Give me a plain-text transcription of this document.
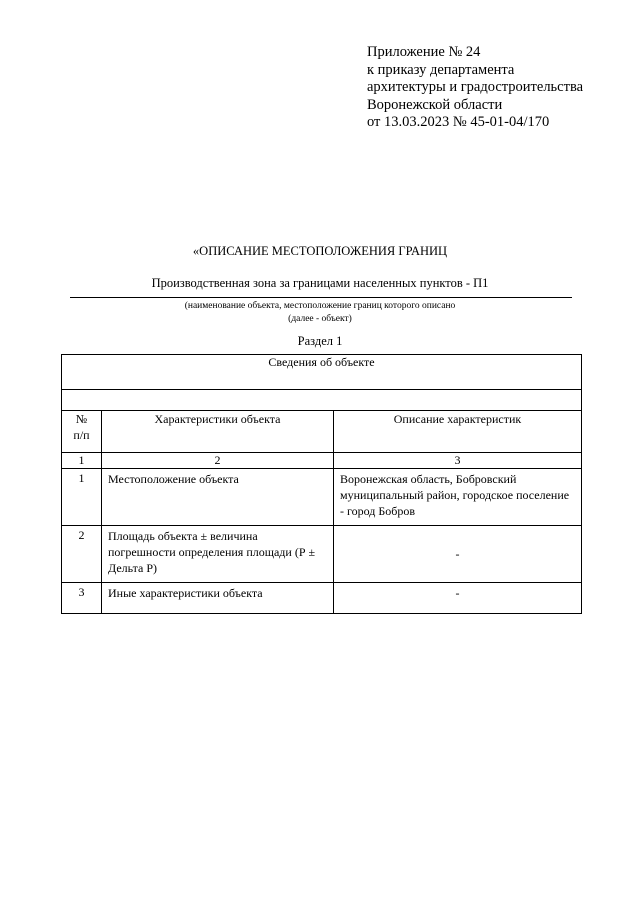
Приложение № 24
к приказу департамента
архитектуры и градостроительства
Воронежской области
от 13.03.2023 № 45-01-04/170
«ОПИСАНИЕ МЕСТОПОЛОЖЕНИЯ ГРАНИЦ
Производственная зона за границами населенных пунктов - П1
(наименование объекта, местоположение границ которого описано
(далее - объект)
Раздел 1
Сведения об объекте		

№
п/п	Характеристики объекта	Описание характеристик
1	2	3
1	Местоположение объекта	Воронежская область, Бобровский муниципальный район, городское поселение - город Бобров
2	Площадь объекта ± величина погрешности определения площади (Р ± Дельта Р)	-
3	Иные характеристики объекта	-
